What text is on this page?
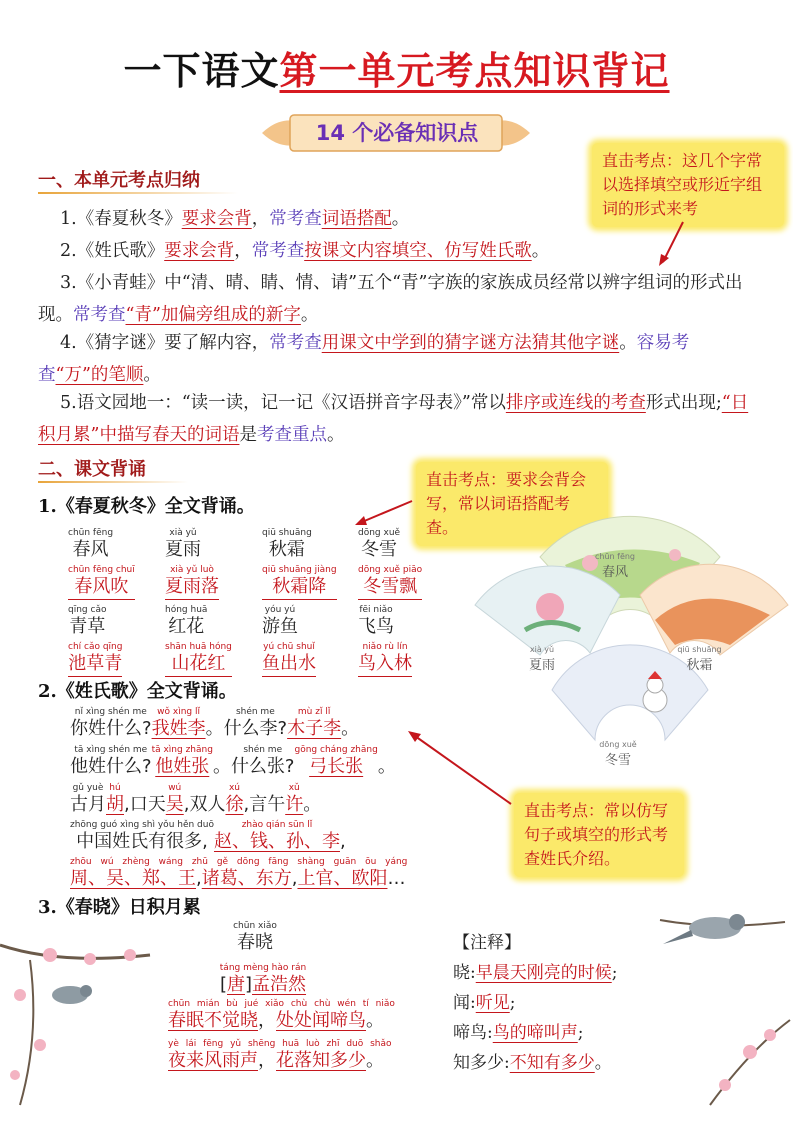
一下语文第一单元考点知识背记
14 个必备知识点
直击考点：这几个字常以选择填空或形近字组词的形式来考
一、本单元考点归纳
1.《春夏秋冬》要求会背，常考查词语搭配。
2.《姓氏歌》要求会背，常考查按课文内容填空、仿写姓氏歌。
3.《小青蛙》中“清、晴、睛、情、请”五个“青”字族的家族成员经常以辨字组词的形式出现。常考查“青”加偏旁组成的新字。
4.《猜字谜》要了解内容，常考查用课文中学到的猜字谜方法猜其他字谜。容易考查“万”的笔顺。
5.语文园地一：“读一读，记一记《汉语拼音字母表》”常以排序或连线的考查形式出现;“日积月累”中描写春天的词语是考查重点。
二、课文背诵	直击考点：要求会背会写，常以词语搭配考查。
1.《春夏秋冬》全文背诵。
chūn fēng
春风
xià yǔ
夏雨
qiū shuāng
秋霜
dōng xuě
冬雪
chūn fēng chuī
春风吹
xià yǔ luò
夏雨落
qiū shuāng jiàng
秋霜降
dōng xuě piāo
冬雪飘
qīng cǎo
青草
hóng huā
红花
yóu yú
游鱼
fēi niǎo
飞鸟
chí cǎo qīng
池草青
shān huā hóng
山花红
yú chū shuǐ
鱼出水
niǎo rù lín
鸟入林
chūn fēng
春风
xià yǔ
夏雨
qiū shuāng
秋霜
dōng xuě
冬雪
2.《姓氏歌》全文背诵。
nǐ xìng shén me
你姓什么?
wǒ xìng lǐ
我姓李 。
shén me
什么李?
mù zǐ lǐ
木子李 。
tā xìng shén me
他姓什么?
tā xìng zhāng
他姓张 。
shén me
什么张?
gōng cháng zhāng
弓长张 。
gǔ yuè
古月
hú
胡 ,口天
wú
吴 ,双人
xú
徐 ,言午
xǔ
许 。
zhōng guó xìng shì yǒu hěn duō
中国姓氏有很多,
zhào qián sūn lǐ
赵、钱、孙、李 ,
zhōu wú zhèng wáng zhū gě dōng fāng shàng guān ōu yáng
周、吴、郑、王,诸葛、东方,上官、欧阳…
直击考点：常以仿写句子或填空的形式考查姓氏介绍。
3.《春晓》日积月累
chūn xiǎo
春晓
táng mèng hào rán
[唐]孟浩然
chūn mián bù jué xiǎo chù chù wén tí niǎo
春眠不觉晓，处处闻啼鸟。
yè lái fēng yǔ shēng huā luò zhī duō shǎo
夜来风雨声，花落知多少。
【注释】
晓:早晨天刚亮的时候;
闻:听见;
啼鸟:鸟的啼叫声;
知多少:不知有多少。
